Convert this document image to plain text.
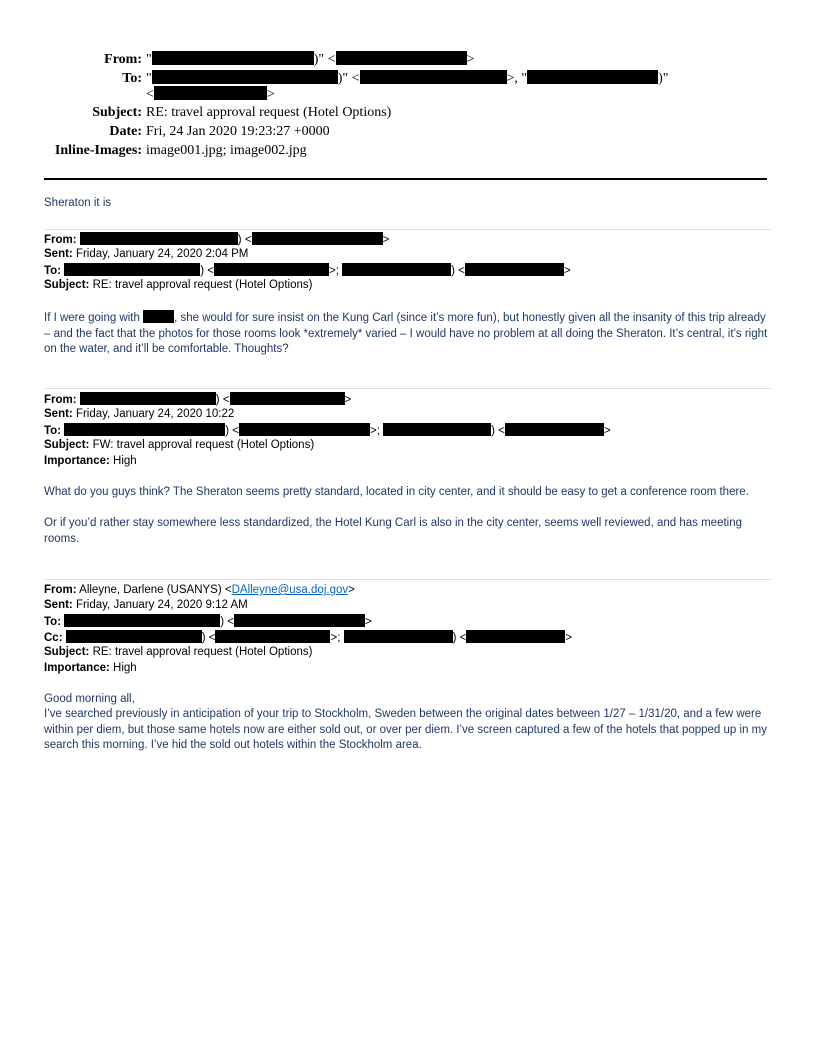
From: "	)" <	>
To: "	)" <	>, "	)"
<	>
Subject: RE: travel approval request (Hotel Options)
Date: Fri, 24 Jan 2020 19:23:27 +0000
Inline-Images: image001.jpg; image002.jpg
Sheraton it is
From:	) <	>
Sent: Friday, January 24, 2020 2:04 PM
To:	) <	>;	) <	>
Subject: RE: travel approval request (Hotel Options)
If I were going with	, she would for sure insist on the Kung Carl (since it’s more fun), but honestly given all the insanity of this trip already – and the fact that the photos for those rooms look *extremely* varied – I would have no problem at all doing the Sheraton. It’s central, it’s right on the water, and it’ll be comfortable. Thoughts?
From:	) <	>
Sent: Friday, January 24, 2020 10:22
To:	) <	>;	) <	>
Subject: FW: travel approval request (Hotel Options)
Importance: High
What do you guys think? The Sheraton seems pretty standard, located in city center, and it should be easy to get a conference room there.
Or if you’d rather stay somewhere less standardized, the Hotel Kung Carl is also in the city center, seems well reviewed, and has meeting rooms.
From: Alleyne, Darlene (USANYS) <DAlleyne@usa.doj.gov>
Sent: Friday, January 24, 2020 9:12 AM
To:	) <	>
Cc:	) <	>;	) <	>
Subject: RE: travel approval request (Hotel Options)
Importance: High
Good morning all,
I’ve searched previously in anticipation of your trip to Stockholm, Sweden between the original dates between 1/27 – 1/31/20, and a few were within per diem, but those same hotels now are either sold out, or over per diem. I’ve screen captured a few of the hotels that popped up in my search this morning. I’ve hid the sold out hotels within the Stockholm area.
